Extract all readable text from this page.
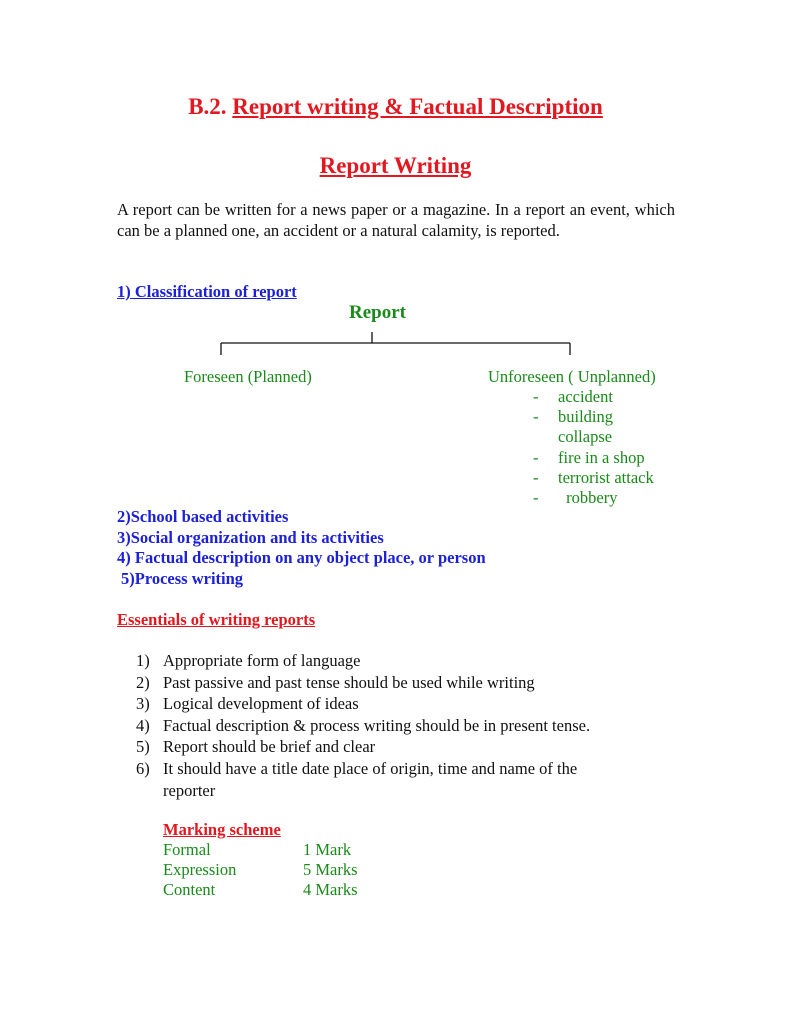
B.2. Report writing & Factual Description
Report Writing
A report can be written for a news paper or a magazine. In a report an event, which can be a planned one, an accident or a natural calamity, is reported.
1) Classification of report
Report
Foreseen (Planned)	Unforeseen ( Unplanned)
- accident
- building
collapse
- fire in a shop
- terrorist attack
- robbery
2)School based activities
3)Social organization and its activities
4) Factual description on any object place, or person
5)Process writing
Essentials of writing reports
1) Appropriate form of language
2) Past passive and past tense should be used while writing
3) Logical development of ideas
4) Factual description & process writing should be in present tense.
5) Report should be brief and clear
6) It should have a title date place of origin, time and name of the reporter
Marking scheme
Formal	1 Mark
Expression	5 Marks
Content	4 Marks
